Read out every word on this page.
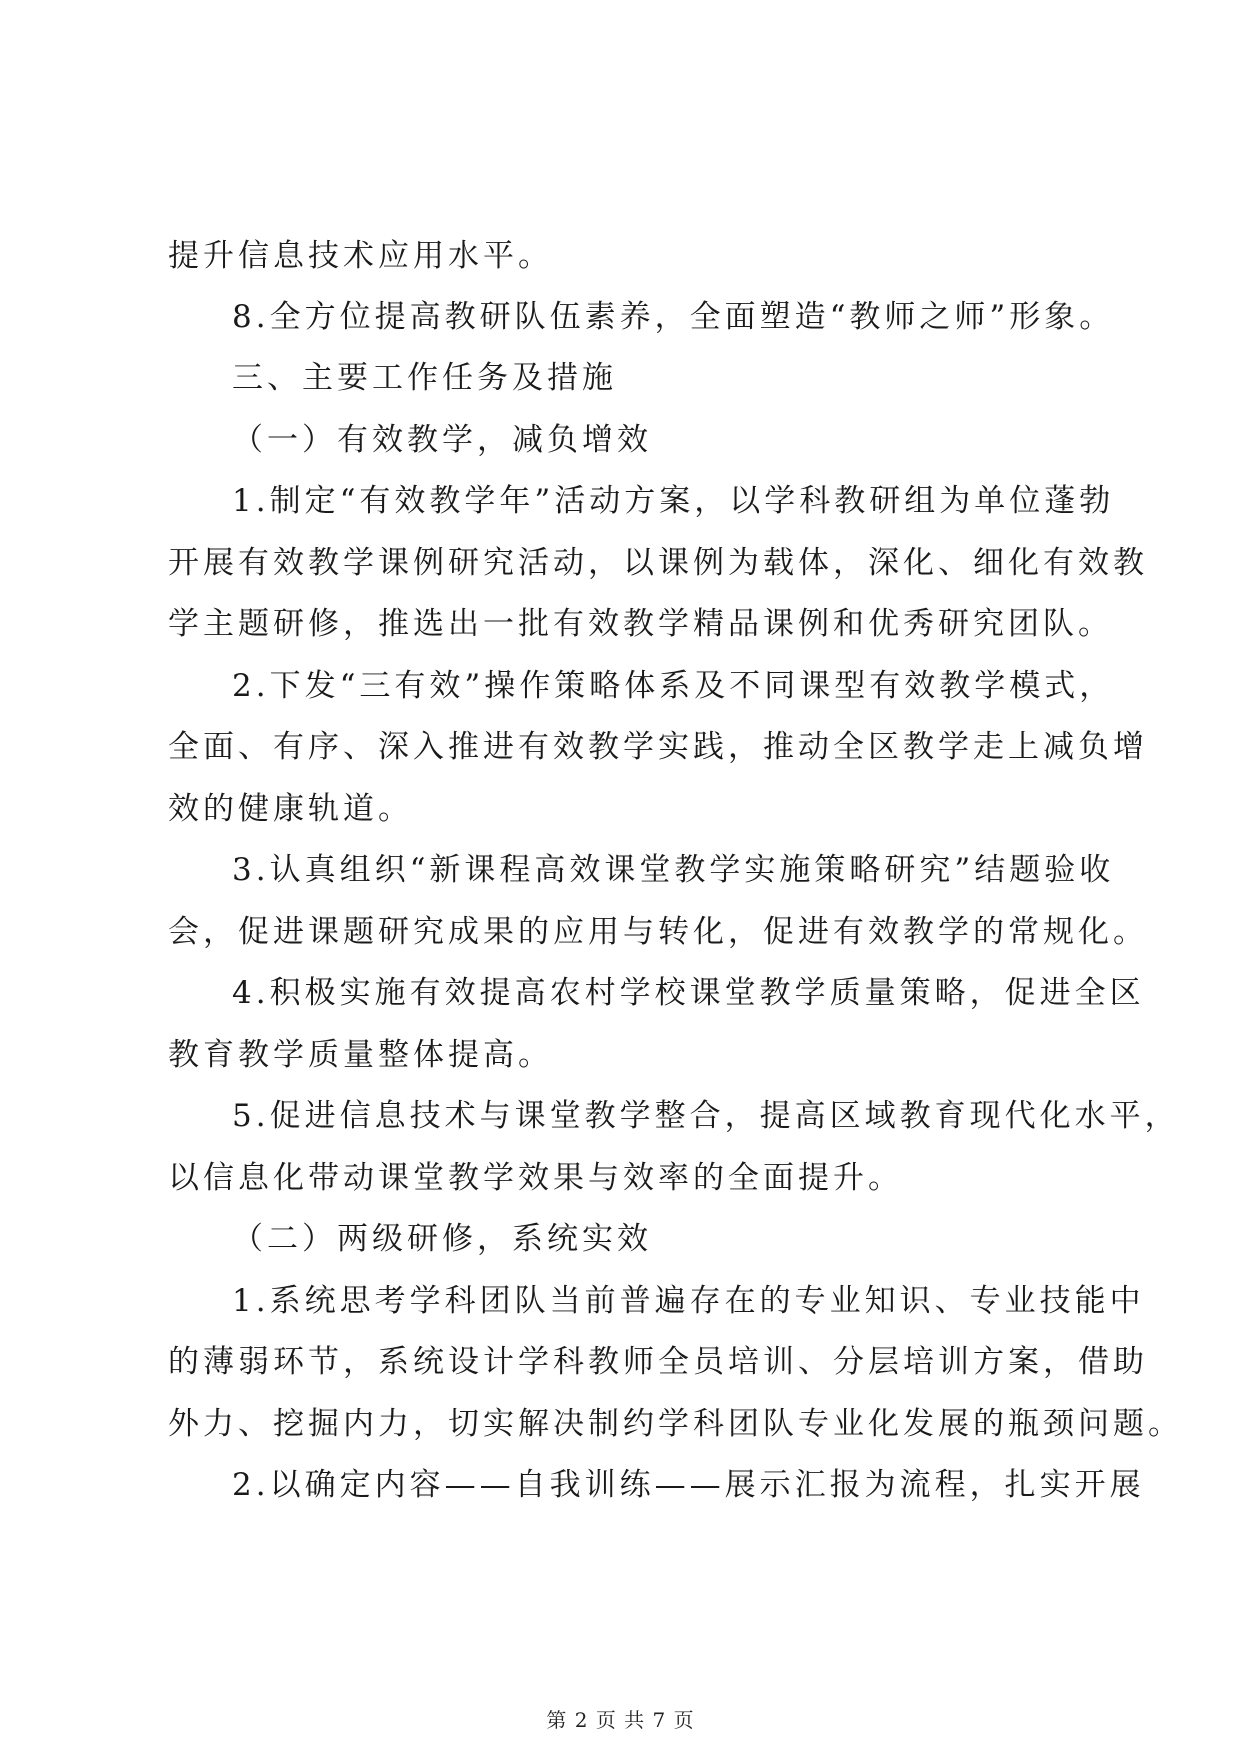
提升信息技术应用水平。
8.全方位提高教研队伍素养，全面塑造“教师之师”形象。
三、主要工作任务及措施
（一）有效教学，减负增效
1.制定“有效教学年”活动方案，以学科教研组为单位蓬勃
开展有效教学课例研究活动，以课例为载体，深化、细化有效教
学主题研修，推选出一批有效教学精品课例和优秀研究团队。
2.下发“三有效”操作策略体系及不同课型有效教学模式，
全面、有序、深入推进有效教学实践，推动全区教学走上减负增
效的健康轨道。
3.认真组织“新课程高效课堂教学实施策略研究”结题验收
会，促进课题研究成果的应用与转化，促进有效教学的常规化。
4.积极实施有效提高农村学校课堂教学质量策略，促进全区
教育教学质量整体提高。
5.促进信息技术与课堂教学整合，提高区域教育现代化水平，
以信息化带动课堂教学效果与效率的全面提升。
（二）两级研修，系统实效
1.系统思考学科团队当前普遍存在的专业知识、专业技能中
的薄弱环节，系统设计学科教师全员培训、分层培训方案，借助
外力、挖掘内力，切实解决制约学科团队专业化发展的瓶颈问题。
2.以确定内容——自我训练——展示汇报为流程，扎实开展
第 2 页 共 7 页
